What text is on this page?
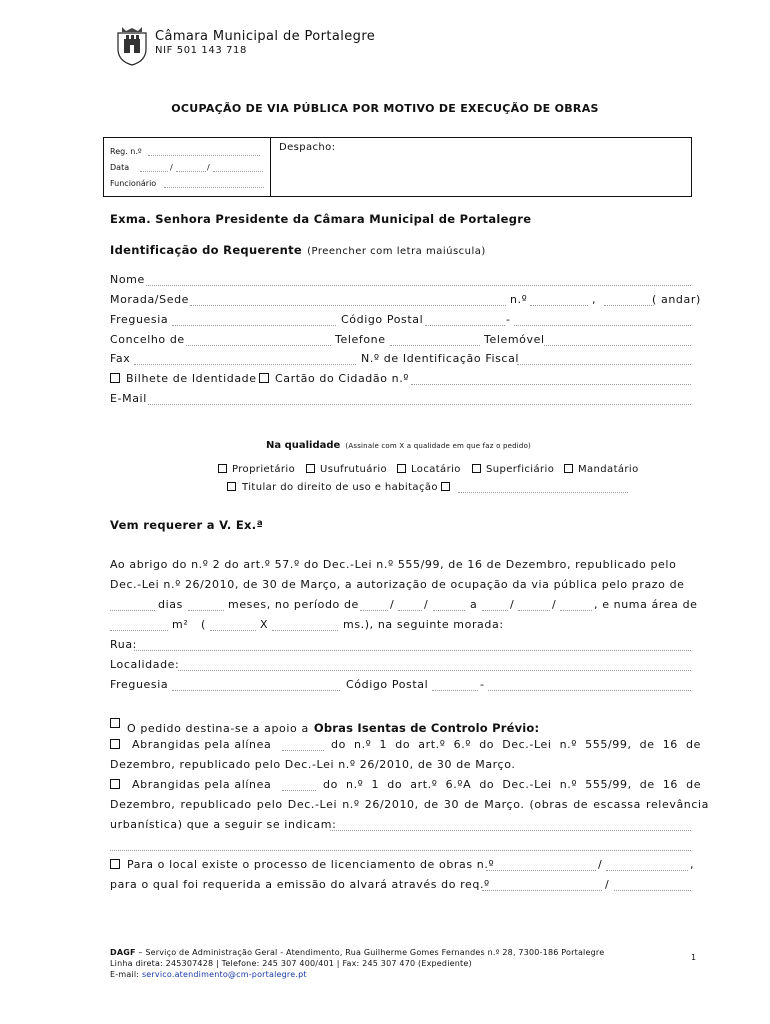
Câmara Municipal de Portalegre
NIF 501 143 718
OCUPAÇÃO DE VIA PÚBLICA POR MOTIVO DE EXECUÇÃO DE OBRAS
Reg. n.º
Data	/	/
Funcionário
Despacho:
Exma. Senhora Presidente da Câmara Municipal de Portalegre
Identificação do Requerente (Preencher com letra maiúscula)
Nome
Morada/Sede	n.º	,	( andar)
Freguesia	Código Postal	-
Concelho de	Telefone	Telemóvel
Fax	N.º de Identificação Fiscal
Bilhete de Identidade Cartão do Cidadão n.º
E-Mail
Na qualidade (Assinale com X a qualidade em que faz o pedido)
Proprietário Usufrutuário Locatário	Superficiário Mandatário
Titular do direito de uso e habitação
Vem requerer a V. Ex.ª
Ao abrigo do n.º 2 do art.º 57.º do Dec.-Lei n.º 555/99, de 16 de Dezembro, republicado pelo
Dec.-Lei n.º 26/2010, de 30 de Março, a autorização de ocupação da via pública pelo prazo de
dias	meses, no período de	/	/	a	/	/	, e numa área de
m² (	X	ms.), na seguinte morada:
Rua:
Localidade:
Freguesia	Código Postal	-
O pedido destina-se a apoio a Obras Isentas de Controlo Prévio:
Abrangidas pela alínea	do n.º 1 do art.º 6.º do Dec.-Lei n.º 555/99, de 16 de
Dezembro, republicado pelo Dec.-Lei n.º 26/2010, de 30 de Março.
Abrangidas pela alínea	do n.º 1 do art.º 6.ºA do Dec.-Lei n.º 555/99, de 16 de
Dezembro, republicado pelo Dec.-Lei n.º 26/2010, de 30 de Março. (obras de escassa relevância
urbanística) que a seguir se indicam:
Para o local existe o processo de licenciamento de obras n.º	/	,
para o qual foi requerida a emissão do alvará através do req.º	/
DAGF – Serviço de Administração Geral - Atendimento, Rua Guilherme Gomes Fernandes n.º 28, 7300-186 Portalegre
Linha direta: 245307428 | Telefone: 245 307 400/401 | Fax: 245 307 470 (Expediente)
E-mail: servico.atendimento@cm-portalegre.pt
1
